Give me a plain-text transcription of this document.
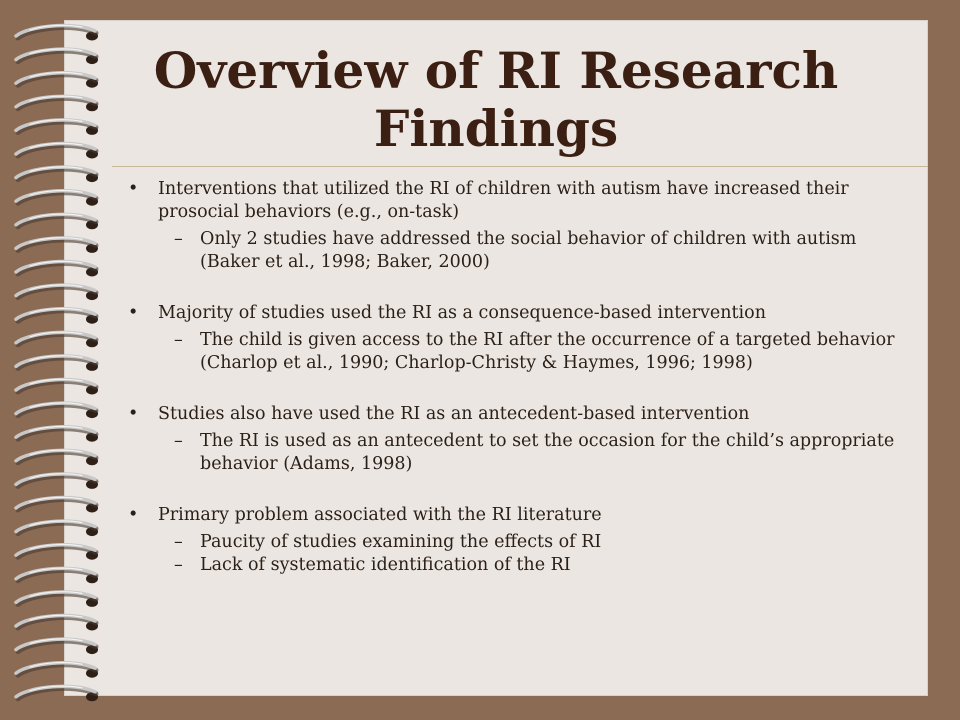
Overview of RI Research Findings
• Interventions that utilized the RI of children with autism have increased their prosocial behaviors (e.g., on-task)
– Only 2 studies have addressed the social behavior of children with autism (Baker et al., 1998; Baker, 2000)
• Majority of studies used the RI as a consequence-based intervention
– The child is given access to the RI after the occurrence of a targeted behavior (Charlop et al., 1990; Charlop-Christy & Haymes, 1996; 1998)
• Studies also have used the RI as an antecedent-based intervention
– The RI is used as an antecedent to set the occasion for the child’s appropriate behavior (Adams, 1998)
• Primary problem associated with the RI literature
– Paucity of studies examining the effects of RI
– Lack of systematic identification of the RI
